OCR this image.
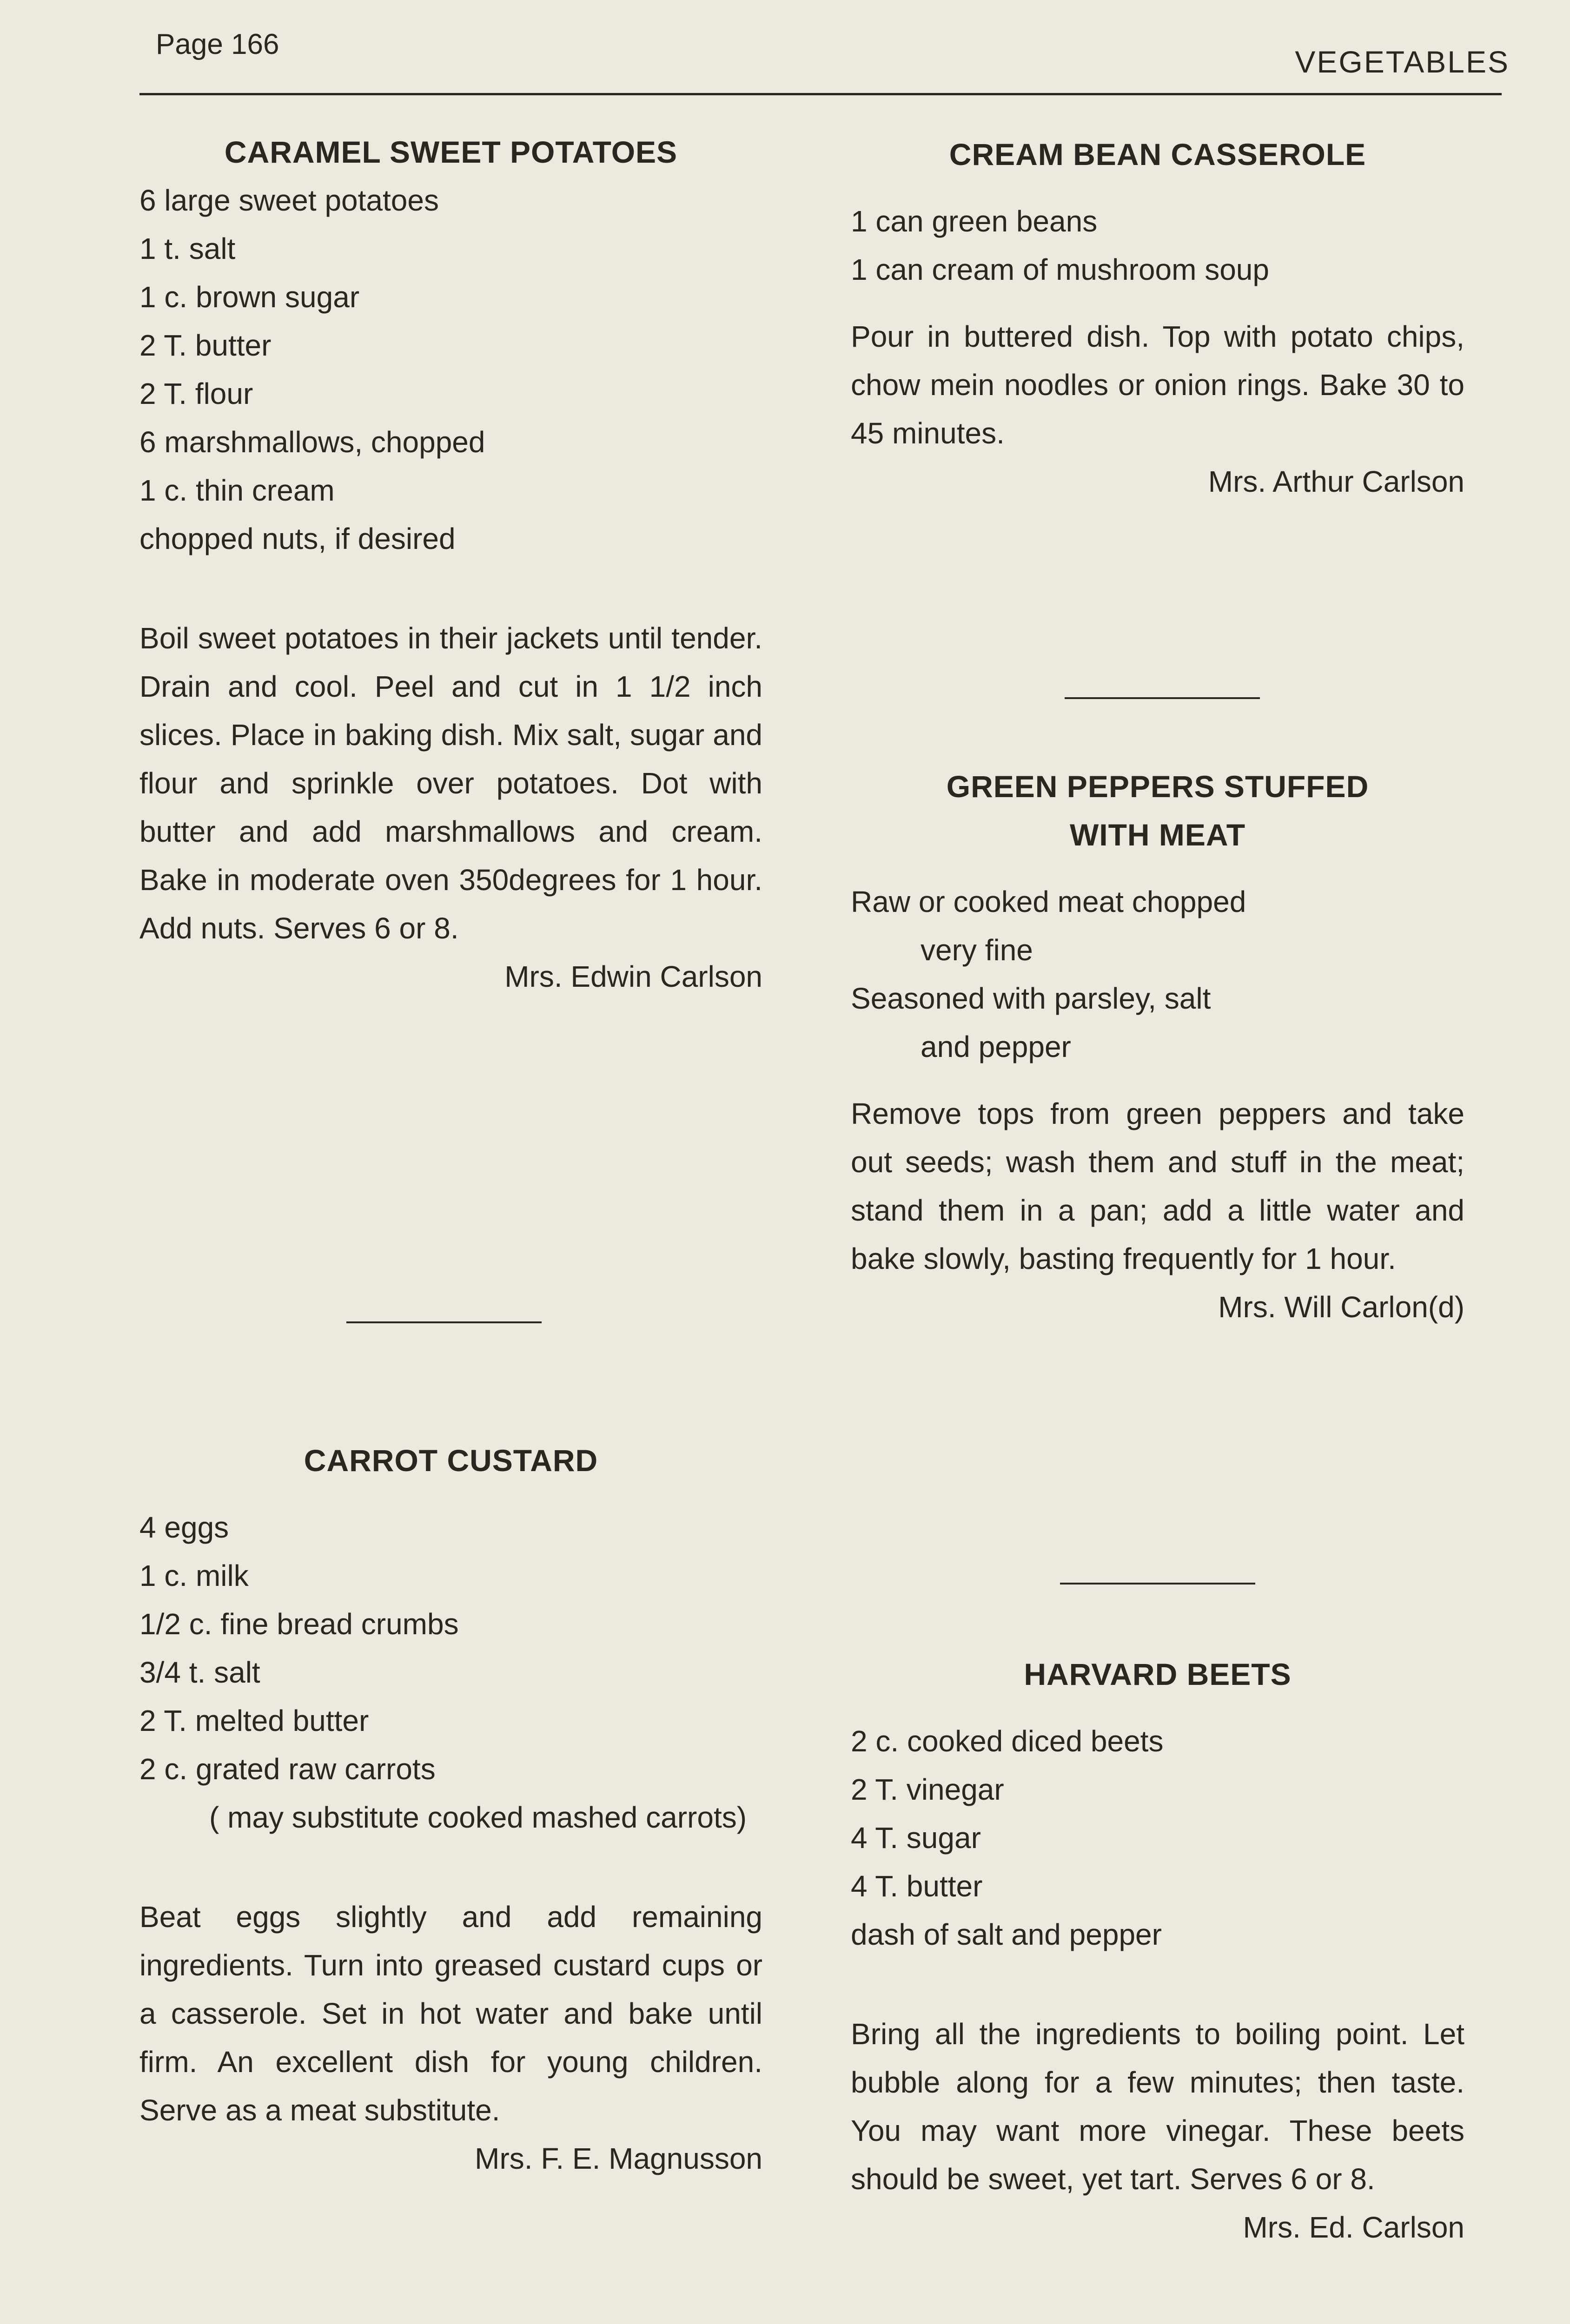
Page 166
VEGETABLES
CARAMEL SWEET POTATOES
6 large sweet potatoes
1 t. salt
1 c. brown sugar
2 T. butter
2 T. flour
6 marshmallows, chopped
1 c. thin cream
chopped nuts, if desired

Boil sweet potatoes in their jackets until tender. Drain and cool. Peel and cut in 1 1/2 inch slices. Place in baking dish. Mix salt, sugar and flour and sprinkle over potatoes. Dot with butter and add marshmallows and cream. Bake in moderate oven 350degrees for 1 hour. Add nuts. Serves 6 or 8.

Mrs. Edwin Carlson

CARROT CUSTARD
4 eggs
1 c. milk
1/2 c. fine bread crumbs
3/4 t. salt
2 T. melted butter
2 c. grated raw carrots
( may substitute cooked mashed carrots)

Beat eggs slightly and add remaining ingredients. Turn into greased custard cups or a casserole. Set in hot water and bake until firm. An excellent dish for young children. Serve as a meat substitute.

Mrs. F. E. Magnusson

CREAM BEAN CASSEROLE
1 can green beans
1 can cream of mushroom soup

Pour in buttered dish. Top with potato chips, chow mein noodles or onion rings. Bake 30 to 45 minutes.

Mrs. Arthur Carlson

GREEN PEPPERS STUFFED
WITH MEAT
Raw or cooked meat chopped
very fine
Seasoned with parsley, salt
and pepper

Remove tops from green peppers and take out seeds; wash them and stuff in the meat; stand them in a pan; add a little water and bake slowly, basting frequently for 1 hour.

Mrs. Will Carlon(d)

HARVARD BEETS
2 c. cooked diced beets
2 T. vinegar
4 T. sugar
4 T. butter
dash of salt and pepper

Bring all the ingredients to boiling point. Let bubble along for a few minutes; then taste. You may want more vinegar. These beets should be sweet, yet tart. Serves 6 or 8.

Mrs. Ed. Carlson
